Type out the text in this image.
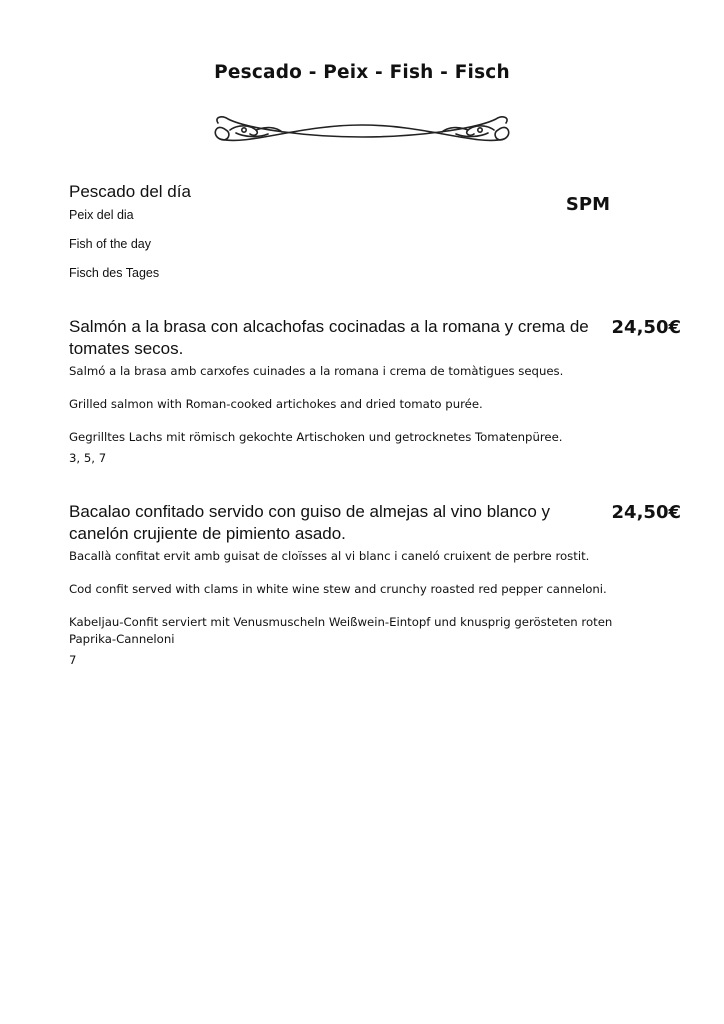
Pescado - Peix - Fish - Fisch

Pescado del día

Peix del dia

Fish of the day

Fisch des Tages

SPM

Salmón a la brasa con alcachofas cocinadas a la romana y crema de tomates secos.

Salmó a la brasa amb carxofes cuinades a la romana i crema de tomàtigues seques.

Grilled salmon with Roman-cooked artichokes and dried tomato purée.

Gegrilltes Lachs mit römisch gekochte Artischoken und getrocknetes Tomatenpüree.

3, 5, 7

24,50€

Bacalao confitado servido con guiso de almejas al vino blanco y canelón crujiente de pimiento asado.

Bacallà confitat ervit amb guisat de cloïsses al vi blanc i caneló cruixent de perbre rostit.

Cod confit served with clams in white wine stew and crunchy roasted red pepper canneloni.

Kabeljau-Confit serviert mit Venusmuscheln Weißwein-Eintopf und knusprig gerösteten roten Paprika-Canneloni

7

24,50€
